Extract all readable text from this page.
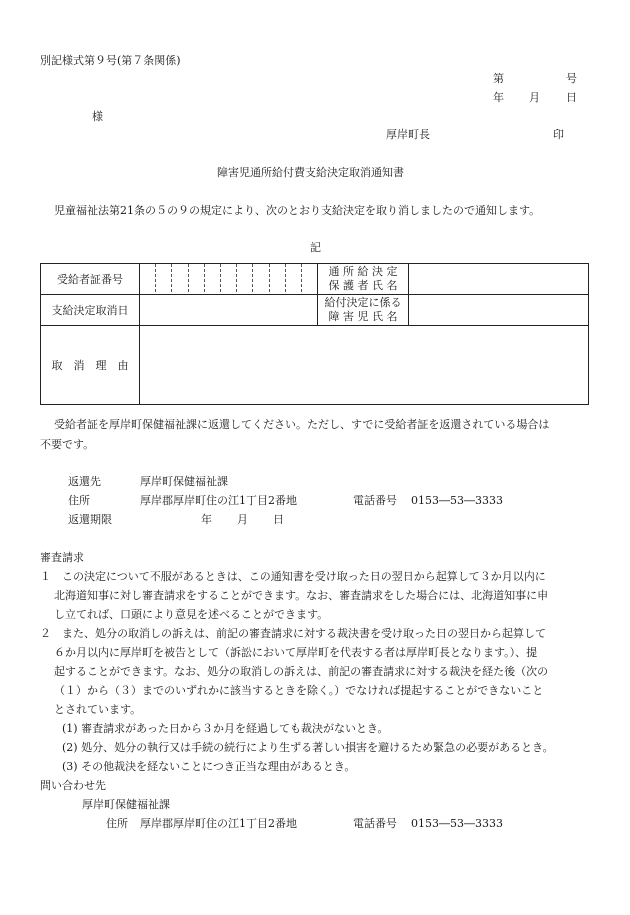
別記様式第９号(第７条関係)
第	号
年 月 日
様
厚岸町長	印
障害児通所給付費支給決定取消通知書
児童福祉法第21条の５の９の規定により、次のとおり支給決定を取り消しましたので通知します。
記
受給者証番号		通 所 給 決 定
保 護 者 氏 名	

支給決定取消日		給付決定に係る
障 害 児 氏 名	

取　消　理　由			
受給者証を厚岸町保健福祉課に返還してください。ただし、すでに受給者証を返還されている場合は
不要です。
返還先	厚岸町保健福祉課
住所	厚岸郡厚岸町住の江1丁目2番地	電話番号 0153―53―3333
返還期限	年 月 日
審査請求
１　この決定について不服があるときは、この通知書を受け取った日の翌日から起算して３か月以内に
北海道知事に対し審査請求をすることができます。なお、審査請求をした場合には、北海道知事に申
し立てれば、口頭により意見を述べることができます。
２　また、処分の取消しの訴えは、前記の審査請求に対する裁決書を受け取った日の翌日から起算して
６か月以内に厚岸町を被告として（訴訟において厚岸町を代表する者は厚岸町長となります。）、提
起することができます。なお、処分の取消しの訴えは、前記の審査請求に対する裁決を経た後（次の
（１）から（３）までのいずれかに該当するときを除く。）でなければ提起することができないこと
とされています。
(1) 審査請求があった日から３か月を経過しても裁決がないとき。
(2) 処分、処分の執行又は手続の続行により生ずる著しい損害を避けるため緊急の必要があるとき。
(3) その他裁決を経ないことにつき正当な理由があるとき。
問い合わせ先
厚岸町保健福祉課
住所 厚岸郡厚岸町住の江1丁目2番地	電話番号 0153―53―3333
